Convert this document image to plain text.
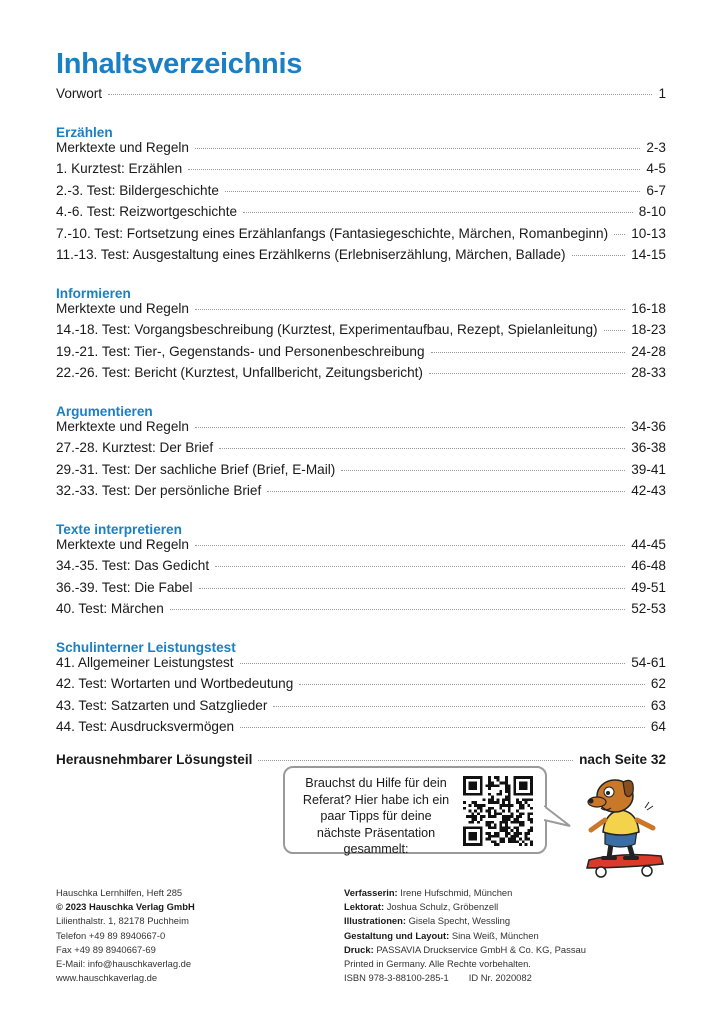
Inhaltsverzeichnis
Vorwort	1
Erzählen
Merktexte und Regeln	2-3
1. Kurztest: Erzählen	4-5
2.-3. Test: Bildergeschichte	6-7
4.-6. Test: Reizwortgeschichte	8-10
7.-10. Test: Fortsetzung eines Erzählanfangs (Fantasiegeschichte, Märchen, Romanbeginn) 10-13
11.-13. Test: Ausgestaltung eines Erzählkerns (Erlebniserzählung, Märchen, Ballade)	14-15
Informieren
Merktexte und Regeln	16-18
14.-18. Test: Vorgangsbeschreibung (Kurztest, Experimentaufbau, Rezept, Spielanleitung) 18-23
19.-21. Test: Tier-, Gegenstands- und Personenbeschreibung	24-28
22.-26. Test: Bericht (Kurztest, Unfallbericht, Zeitungsbericht)	28-33
Argumentieren
Merktexte und Regeln	34-36
27.-28. Kurztest: Der Brief	36-38
29.-31. Test: Der sachliche Brief (Brief, E-Mail)	39-41
32.-33. Test: Der persönliche Brief	42-43
Texte interpretieren
Merktexte und Regeln	44-45
34.-35. Test: Das Gedicht	46-48
36.-39. Test: Die Fabel	49-51
40. Test: Märchen	52-53
Schulinterner Leistungstest
41. Allgemeiner Leistungstest	54-61
42. Test: Wortarten und Wortbedeutung	62
43. Test: Satzarten und Satzglieder	63
44. Test: Ausdrucksvermögen	64
Herausnehmbarer Lösungsteil	nach Seite 32
Brauchst du Hilfe für dein Referat? Hier habe ich ein paar Tipps für deine nächste Präsentation gesammelt:
Hauschka Lernhilfen, Heft 285
© 2023 Hauschka Verlag GmbH
Lilienthalstr. 1, 82178 Puchheim
Telefon +49 89 8940667-0
Fax +49 89 8940667-69
E-Mail: info@hauschkaverlag.de
www.hauschkaverlag.de
Verfasserin: Irene Hufschmid, München
Lektorat: Joshua Schulz, Gröbenzell
Illustrationen: Gisela Specht, Wessling
Gestaltung und Layout: Sina Weiß, München
Druck: PASSAVIA Druckservice GmbH & Co. KG, Passau
Printed in Germany. Alle Rechte vorbehalten.
ISBN 978-3-88100-285-1 ID Nr. 2020082
